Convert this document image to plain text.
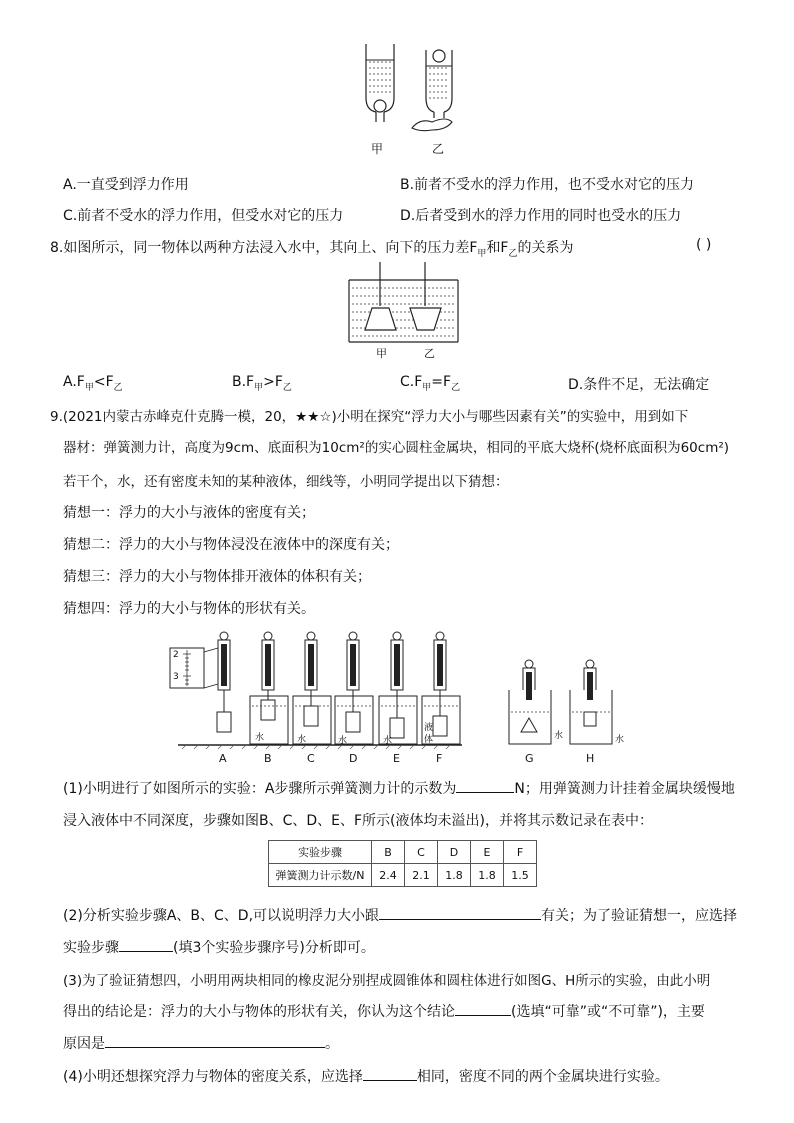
甲	乙
A.一直受到浮力作用	B.前者不受水的浮力作用，也不受水对它的压力
C.前者不受水的浮力作用，但受水对它的压力	D.后者受到水的浮力作用的同时也受水的压力
8.如图所示，同一物体以两种方法浸入水中，其向上、向下的压力差$F_甲$和$F_乙$的关系为	( )
甲	乙
$A.F_甲<F_乙$	$B.F_甲>F_乙$	$C.F_甲=F_乙$	D.条件不足，无法确定
9.(2021内蒙古赤峰克什克腾一模，20，★★☆)小明在探究“浮力大小与哪些因素有关”的实验中，用到如下
器材：弹簧测力计，高度为9cm、底面积为10cm²的实心圆柱金属块，相同的平底大烧杯(烧杯底面积为60cm²)
若干个，水，还有密度未知的某种液体，细线等，小明同学提出以下猜想：
猜想一：浮力的大小与液体的密度有关；
猜想二：浮力的大小与物体浸没在液体中的深度有关；
猜想三：浮力的大小与物体排开液体的体积有关；
猜想四：浮力的大小与物体的形状有关。
2
3
A	B	C	D	E	F	G	H
水	水	水	水
液
体	水	水
(1)小明进行了如图所示的实验：A步骤所示弹簧测力计的示数为	N；用弹簧测力计挂着金属块缓慢地
浸入液体中不同深度，步骤如图B、C、D、E、F所示(液体均未溢出)，并将其示数记录在表中：
实验步骤	B	C	D	E	F
弹簧测力计示数/N	2.4	2.1	1.8	1.8	1.5
(2)分析实验步骤A、B、C、D,可以说明浮力大小跟	有关；为了验证猜想一，应选择
实验步骤	(填3个实验步骤序号)分析即可。
(3)为了验证猜想四，小明用两块相同的橡皮泥分别捏成圆锥体和圆柱体进行如图G、H所示的实验，由此小明
得出的结论是：浮力的大小与物体的形状有关，你认为这个结论	(选填“可靠”或“不可靠”)，主要
原因是	。
(4)小明还想探究浮力与物体的密度关系，应选择	相同，密度不同的两个金属块进行实验。
